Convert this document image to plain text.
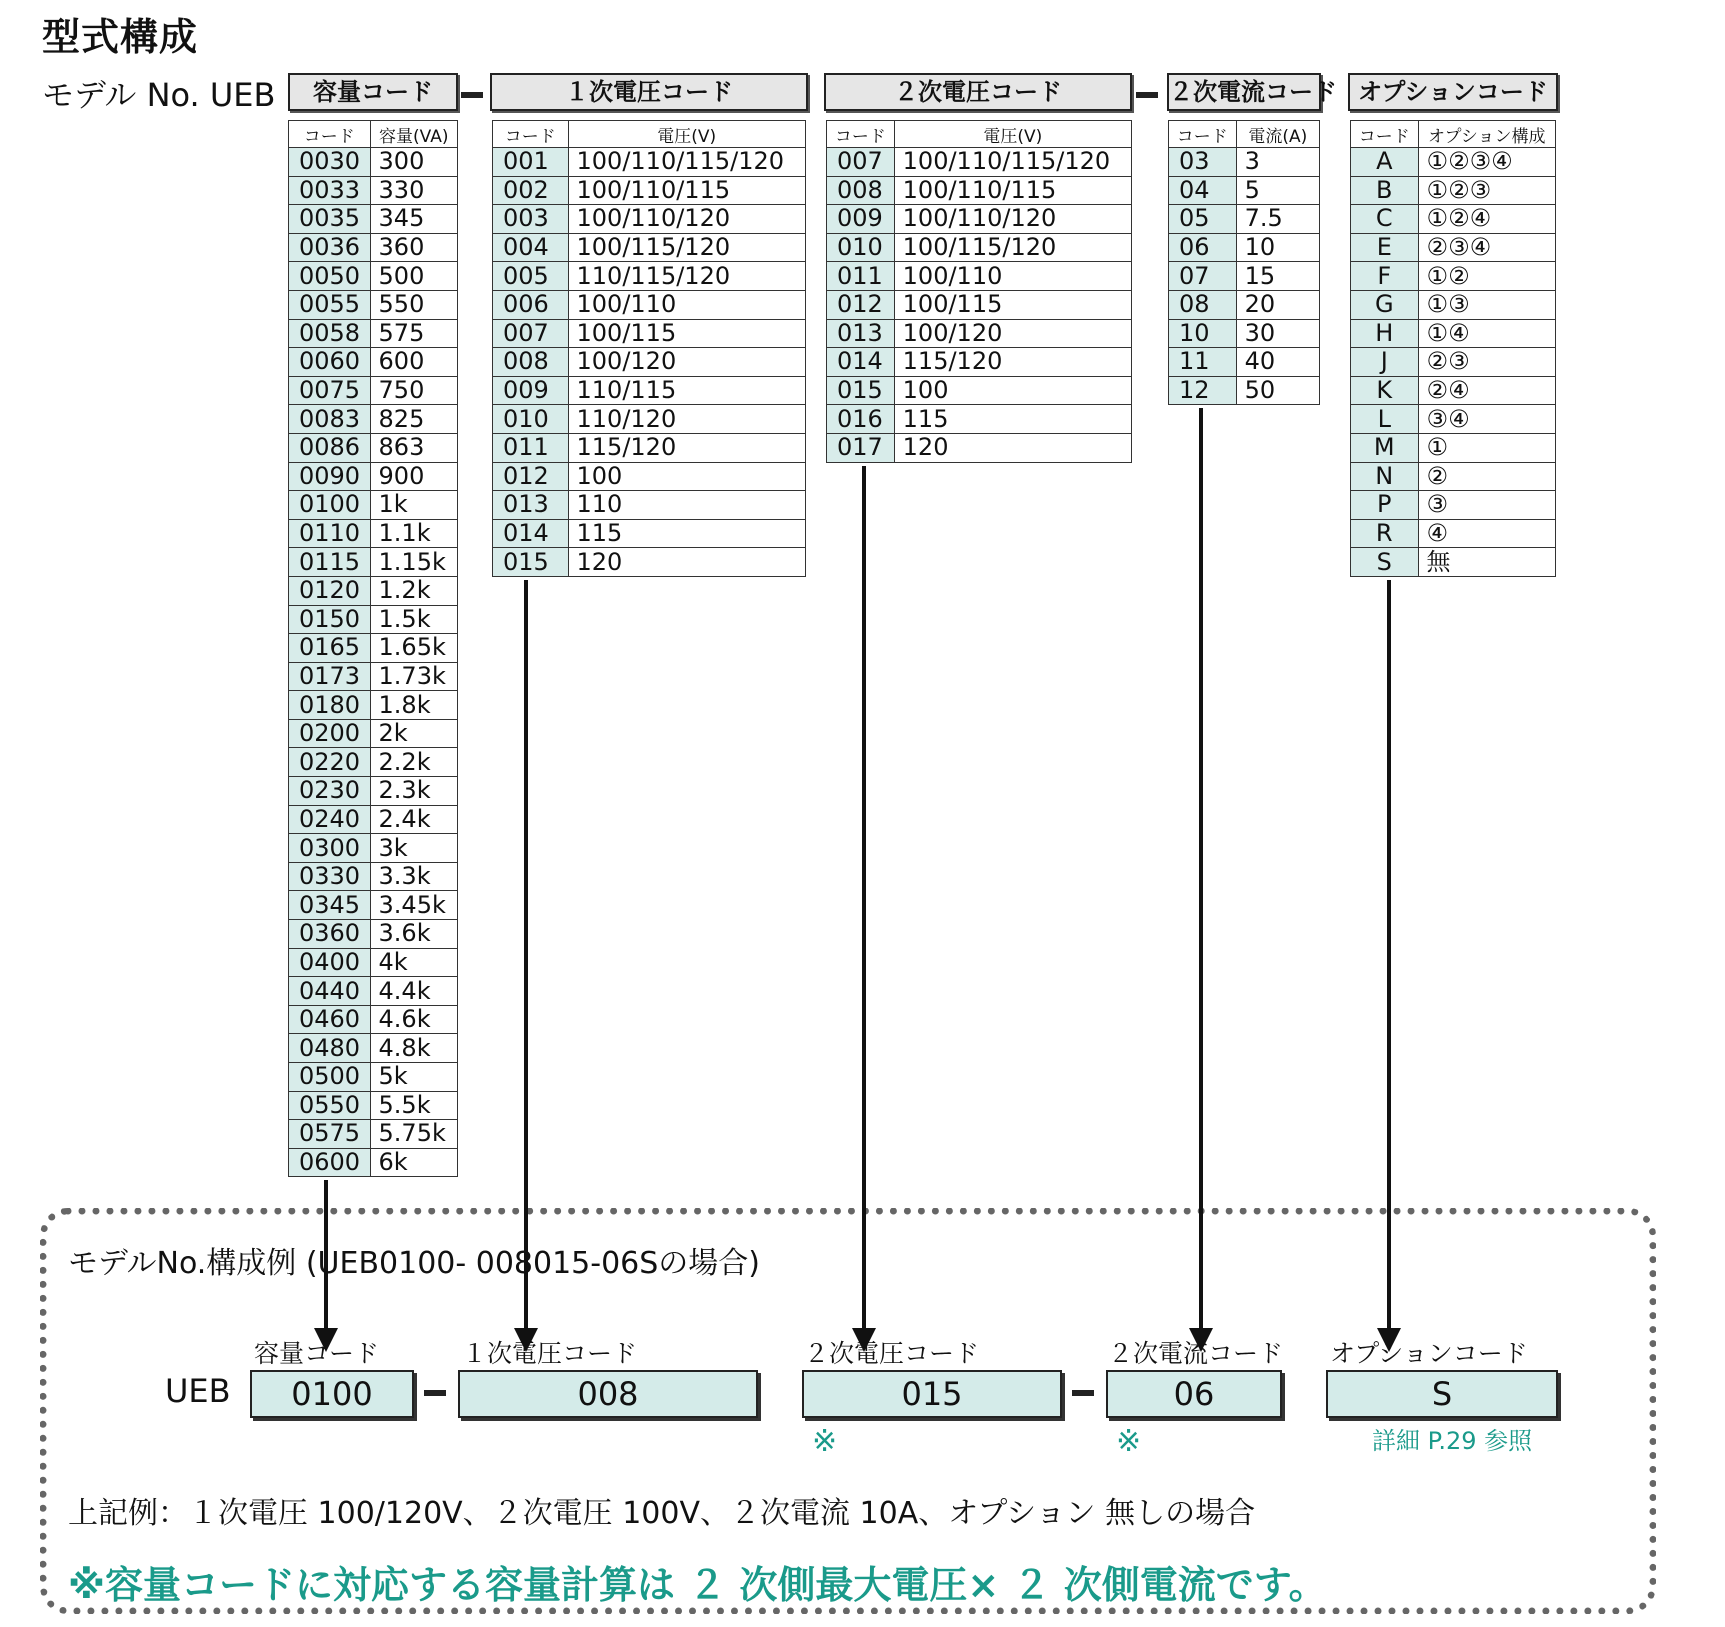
型式構成
モデル No. UEB	容量コード	１次電圧コード	２次電圧コード	２次電流コード オプションコード
コード	容量(VA)
0030	300
0033	330
0035	345
0036	360
0050	500
0055	550
0058	575
0060	600
0075	750
0083	825
0086	863
0090	900
0100	1k
0110	1.1k
0115	1.15k
0120	1.2k
0150	1.5k
0165	1.65k
0173	1.73k
0180	1.8k
0200	2k
0220	2.2k
0230	2.3k
0240	2.4k
0300	3k
0330	3.3k
0345	3.45k
0360	3.6k
0400	4k
0440	4.4k
0460	4.6k
0480	4.8k
0500	5k
0550	5.5k
0575	5.75k
0600	6k
コード	電圧(V)
001	100/110/115/120
002	100/110/115
003	100/110/120
004	100/115/120
005	110/115/120
006	100/110
007	100/115
008	100/120
009	110/115
010	110/120
011	115/120
012	100
013	110
014	115
015	120
コード	電圧(V)
007	100/110/115/120
008	100/110/115
009	100/110/120
010	100/115/120
011	100/110
012	100/115
013	100/120
014	115/120
015	100
016	115
017	120
コード	電流(A)
03	3
04	5
05	7.5
06	10
07	15
08	20
10	30
11	40
12	50
コード	オプション構成
A	①②③④
B	①②③
C	①②④
E	②③④
F	①②
G	①③
H	①④
J	②③
K	②④
L	③④
M	①
N	②
P	③
R	④
S	無
モデルNo.構成例 (UEB0100- 008015-06Sの場合)
容量コード	１次電圧コード	２次電圧コード	２次電流コード オプションコード
UEB	0100	008	015	06	S
※	※	詳細 P.29 参照
上記例：１次電圧 100/120V、２次電圧 100V、２次電流 10A、オプション 無しの場合
※容量コードに対応する容量計算は ２ 次側最大電圧× ２ 次側電流です。
